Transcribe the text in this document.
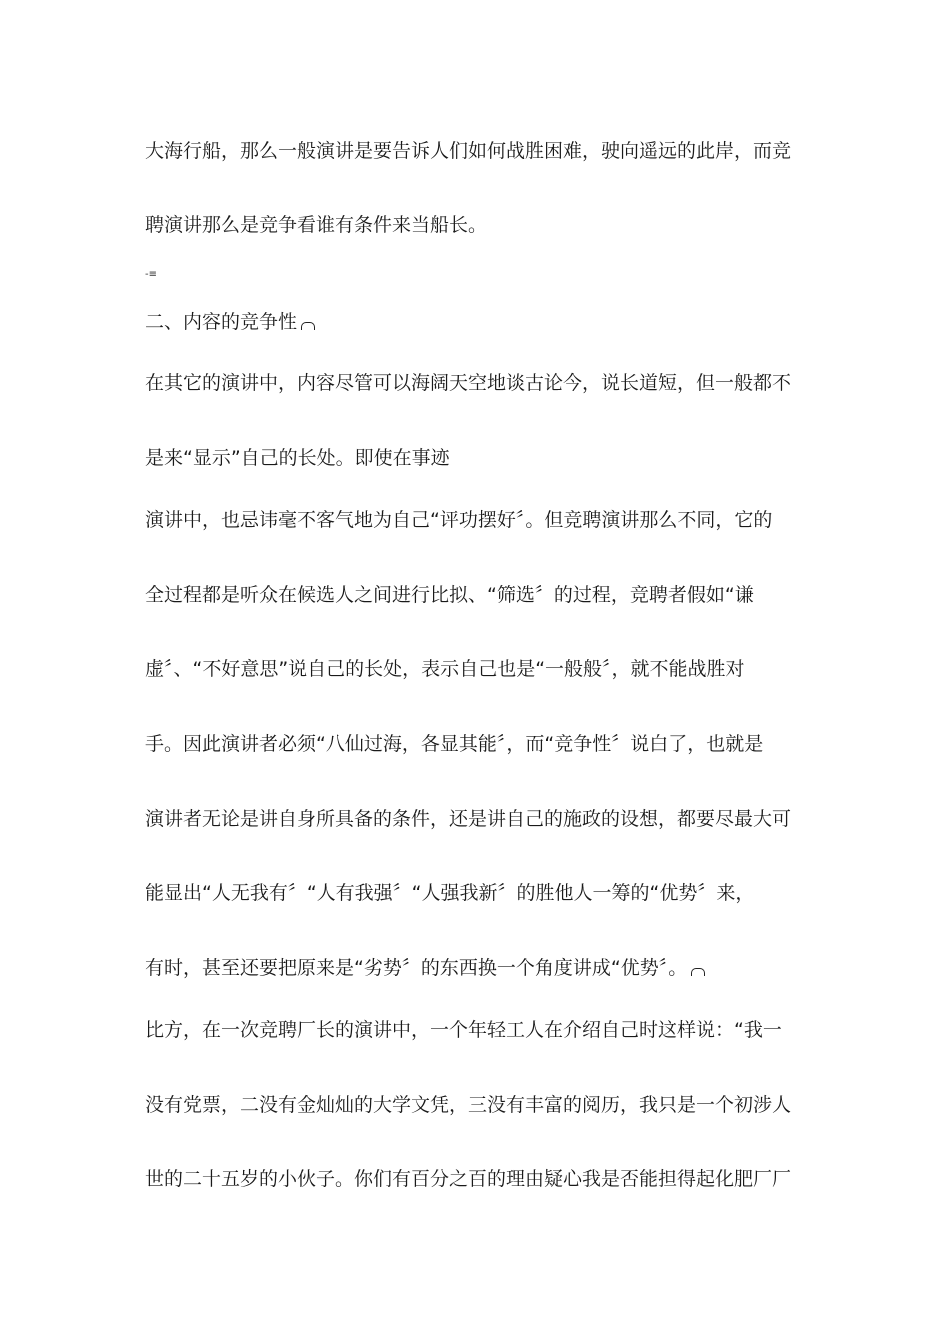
大海行船，那么一般演讲是要告诉人们如何战胜困难，驶向遥远的此岸，而竞
聘演讲那么是竞争看谁有条件来当船长。
-≡
二、内容的竞争性
在其它的演讲中，内容尽管可以海阔天空地谈古论今，说长道短，但一般都不
是来“显示”自己的长处。即使在事迹
演讲中，也忌讳毫不客气地为自己“评功摆好〞。但竞聘演讲那么不同，它的
全过程都是听众在候选人之间进行比拟、“筛选〞的过程，竞聘者假如“谦
虚〞、“不好意思”说自己的长处，表示自己也是“一般般〞，就不能战胜对
手。因此演讲者必须“八仙过海，各显其能〞，而“竞争性〞说白了，也就是
演讲者无论是讲自身所具备的条件，还是讲自己的施政的设想，都要尽最大可
能显出“人无我有〞“人有我强〞“人强我新〞的胜他人一筹的“优势〞来，
有时，甚至还要把原来是“劣势〞的东西换一个角度讲成“优势〞。
比方，在一次竞聘厂长的演讲中，一个年轻工人在介绍自己时这样说：“我一
没有党票，二没有金灿灿的大学文凭，三没有丰富的阅历，我只是一个初涉人
世的二十五岁的小伙子。你们有百分之百的理由疑心我是否能担得起化肥厂厂
